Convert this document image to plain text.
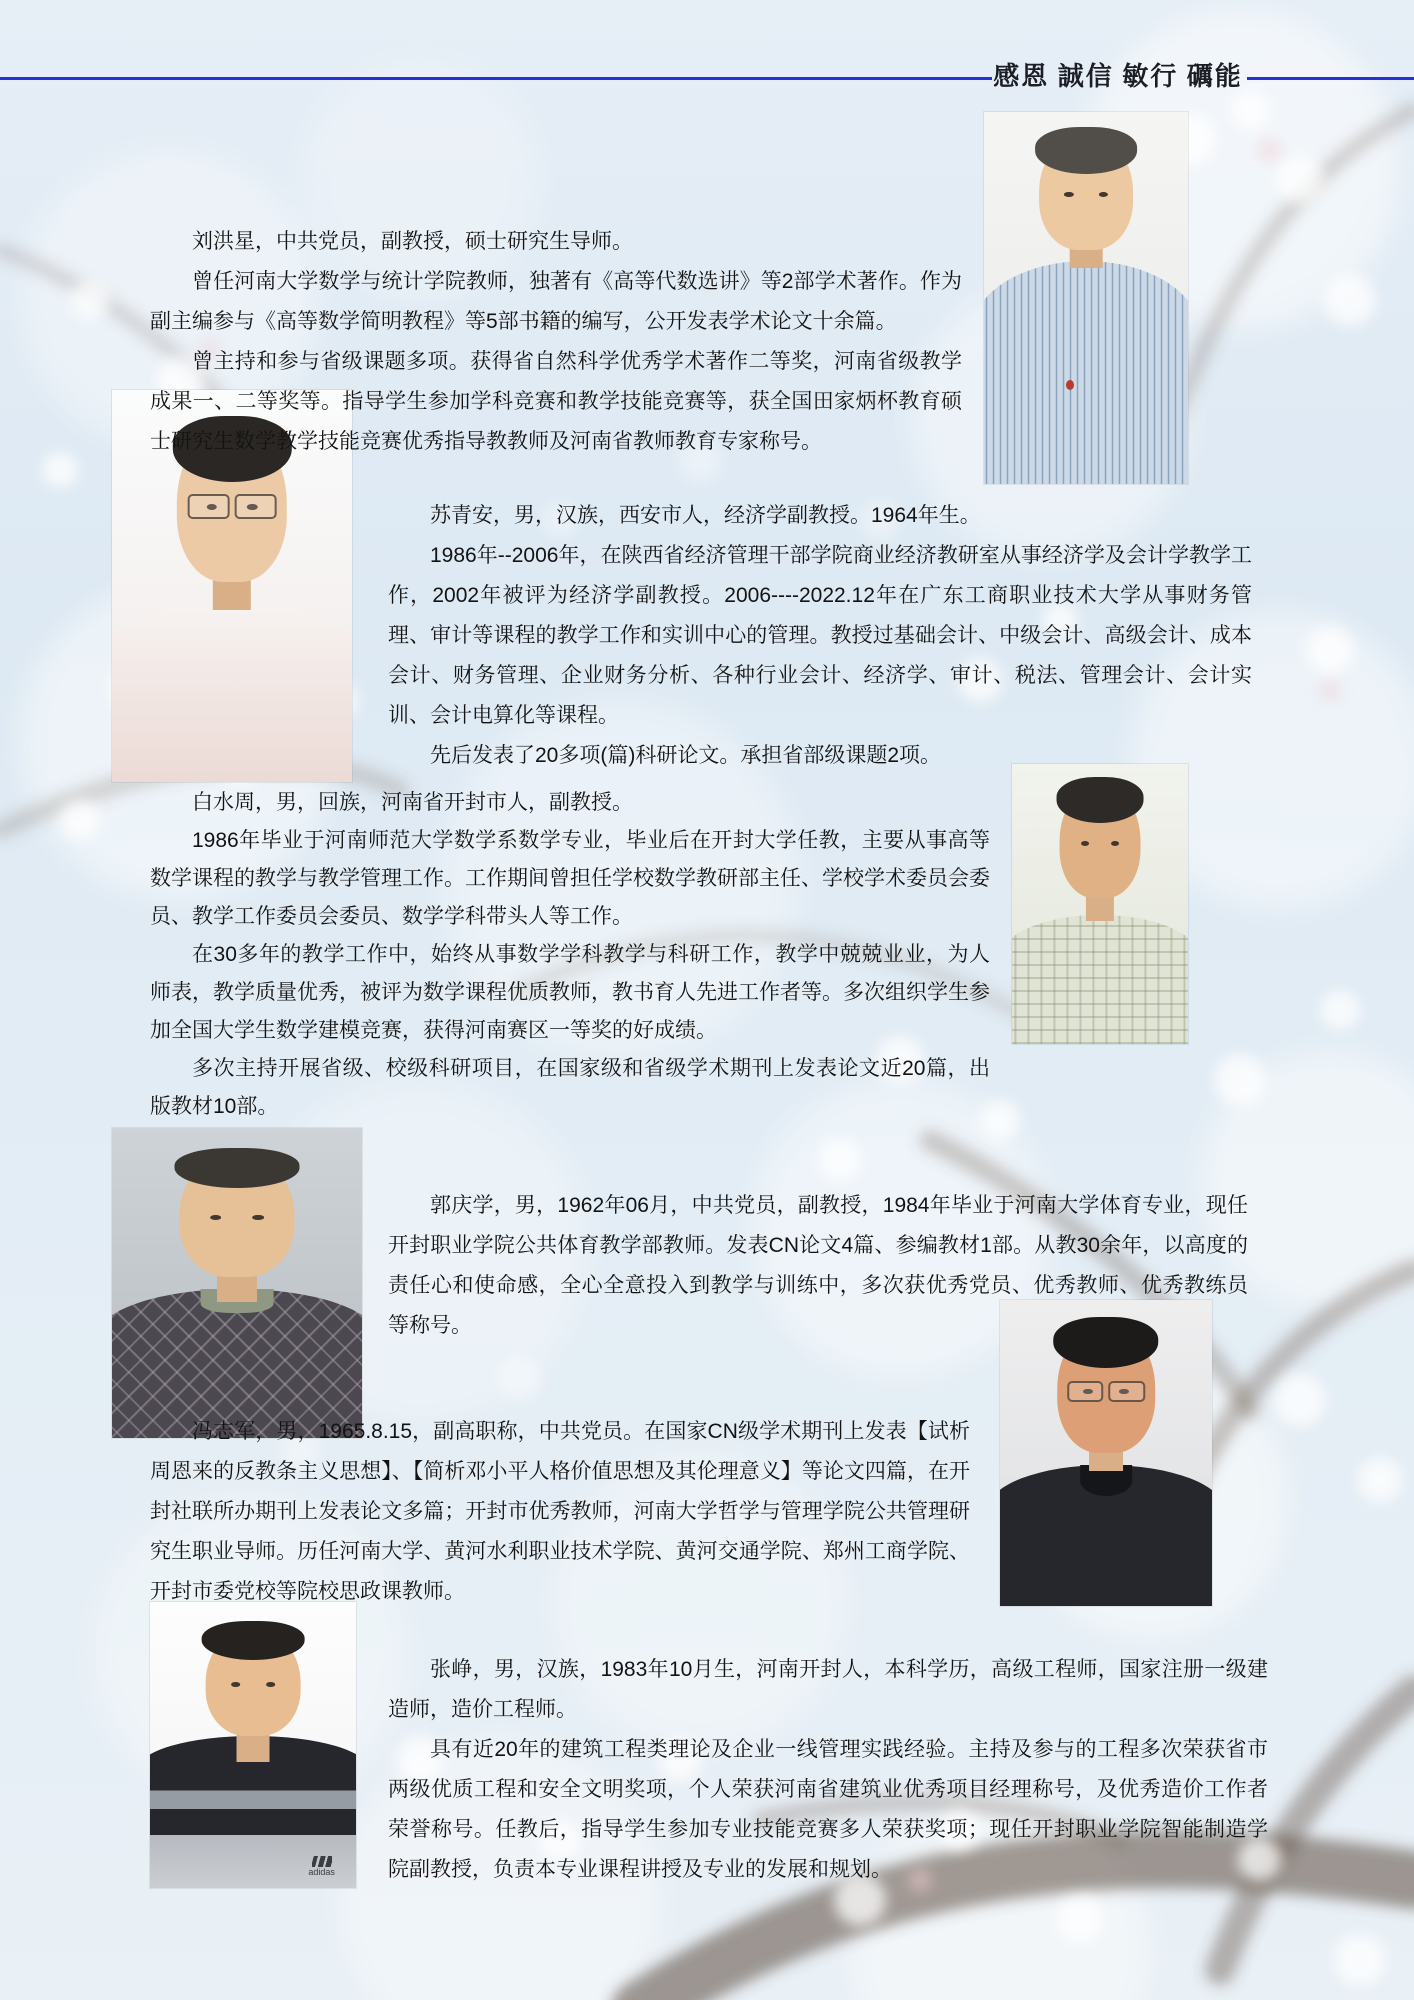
感恩 誠信 敏行 礪能

刘洪星，中共党员，副教授，硕士研究生导师。

曾任河南大学数学与统计学院教师，独著有《高等代数选讲》等2部学术著作。作为副主编参与《高等数学简明教程》等5部书籍的编写，公开发表学术论文十余篇。

曾主持和参与省级课题多项。获得省自然科学优秀学术著作二等奖，河南省级教学成果一、二等奖等。指导学生参加学科竞赛和教学技能竞赛等，获全国田家炳杯教育硕士研究生数学教学技能竞赛优秀指导教教师及河南省教师教育专家称号。

苏青安，男，汉族，西安市人，经济学副教授。1964年生。

1986年--2006年，在陕西省经济管理干部学院商业经济教研室从事经济学及会计学教学工作，2002年被评为经济学副教授。2006----2022.12年在广东工商职业技术大学从事财务管理、审计等课程的教学工作和实训中心的管理。教授过基础会计、中级会计、高级会计、成本会计、财务管理、企业财务分析、各种行业会计、经济学、审计、税法、管理会计、会计实训、会计电算化等课程。

先后发表了20多项(篇)科研论文。承担省部级课题2项。

白水周，男，回族，河南省开封市人，副教授。

1986年毕业于河南师范大学数学系数学专业，毕业后在开封大学任教，主要从事高等数学课程的教学与教学管理工作。工作期间曾担任学校数学教研部主任、学校学术委员会委员、教学工作委员会委员、数学学科带头人等工作。

在30多年的教学工作中，始终从事数学学科教学与科研工作，教学中兢兢业业，为人师表，教学质量优秀，被评为数学课程优质教师，教书育人先进工作者等。多次组织学生参加全国大学生数学建模竞赛，获得河南赛区一等奖的好成绩。

多次主持开展省级、校级科研项目，在国家级和省级学术期刊上发表论文近20篇，出版教材10部。

郭庆学，男，1962年06月，中共党员，副教授，1984年毕业于河南大学体育专业，现任开封职业学院公共体育教学部教师。发表CN论文4篇、参编教材1部。从教30余年，以高度的责任心和使命感，全心全意投入到教学与训练中，多次获优秀党员、优秀教师、优秀教练员等称号。

冯志军，男，1965.8.15，副高职称，中共党员。在国家CN级学术期刊上发表【试析周恩来的反教条主义思想】、【简析邓小平人格价值思想及其伦理意义】等论文四篇，在开封社联所办期刊上发表论文多篇；开封市优秀教师，河南大学哲学与管理学院公共管理研究生职业导师。历任河南大学、黄河水利职业技术学院、黄河交通学院、郑州工商学院、开封市委党校等院校思政课教师。

adidas

张峥，男，汉族，1983年10月生，河南开封人，本科学历，高级工程师，国家注册一级建造师，造价工程师。

具有近20年的建筑工程类理论及企业一线管理实践经验。主持及参与的工程多次荣获省市两级优质工程和安全文明奖项，个人荣获河南省建筑业优秀项目经理称号，及优秀造价工作者荣誉称号。任教后，指导学生参加专业技能竞赛多人荣获奖项；现任开封职业学院智能制造学院副教授，负责本专业课程讲授及专业的发展和规划。
